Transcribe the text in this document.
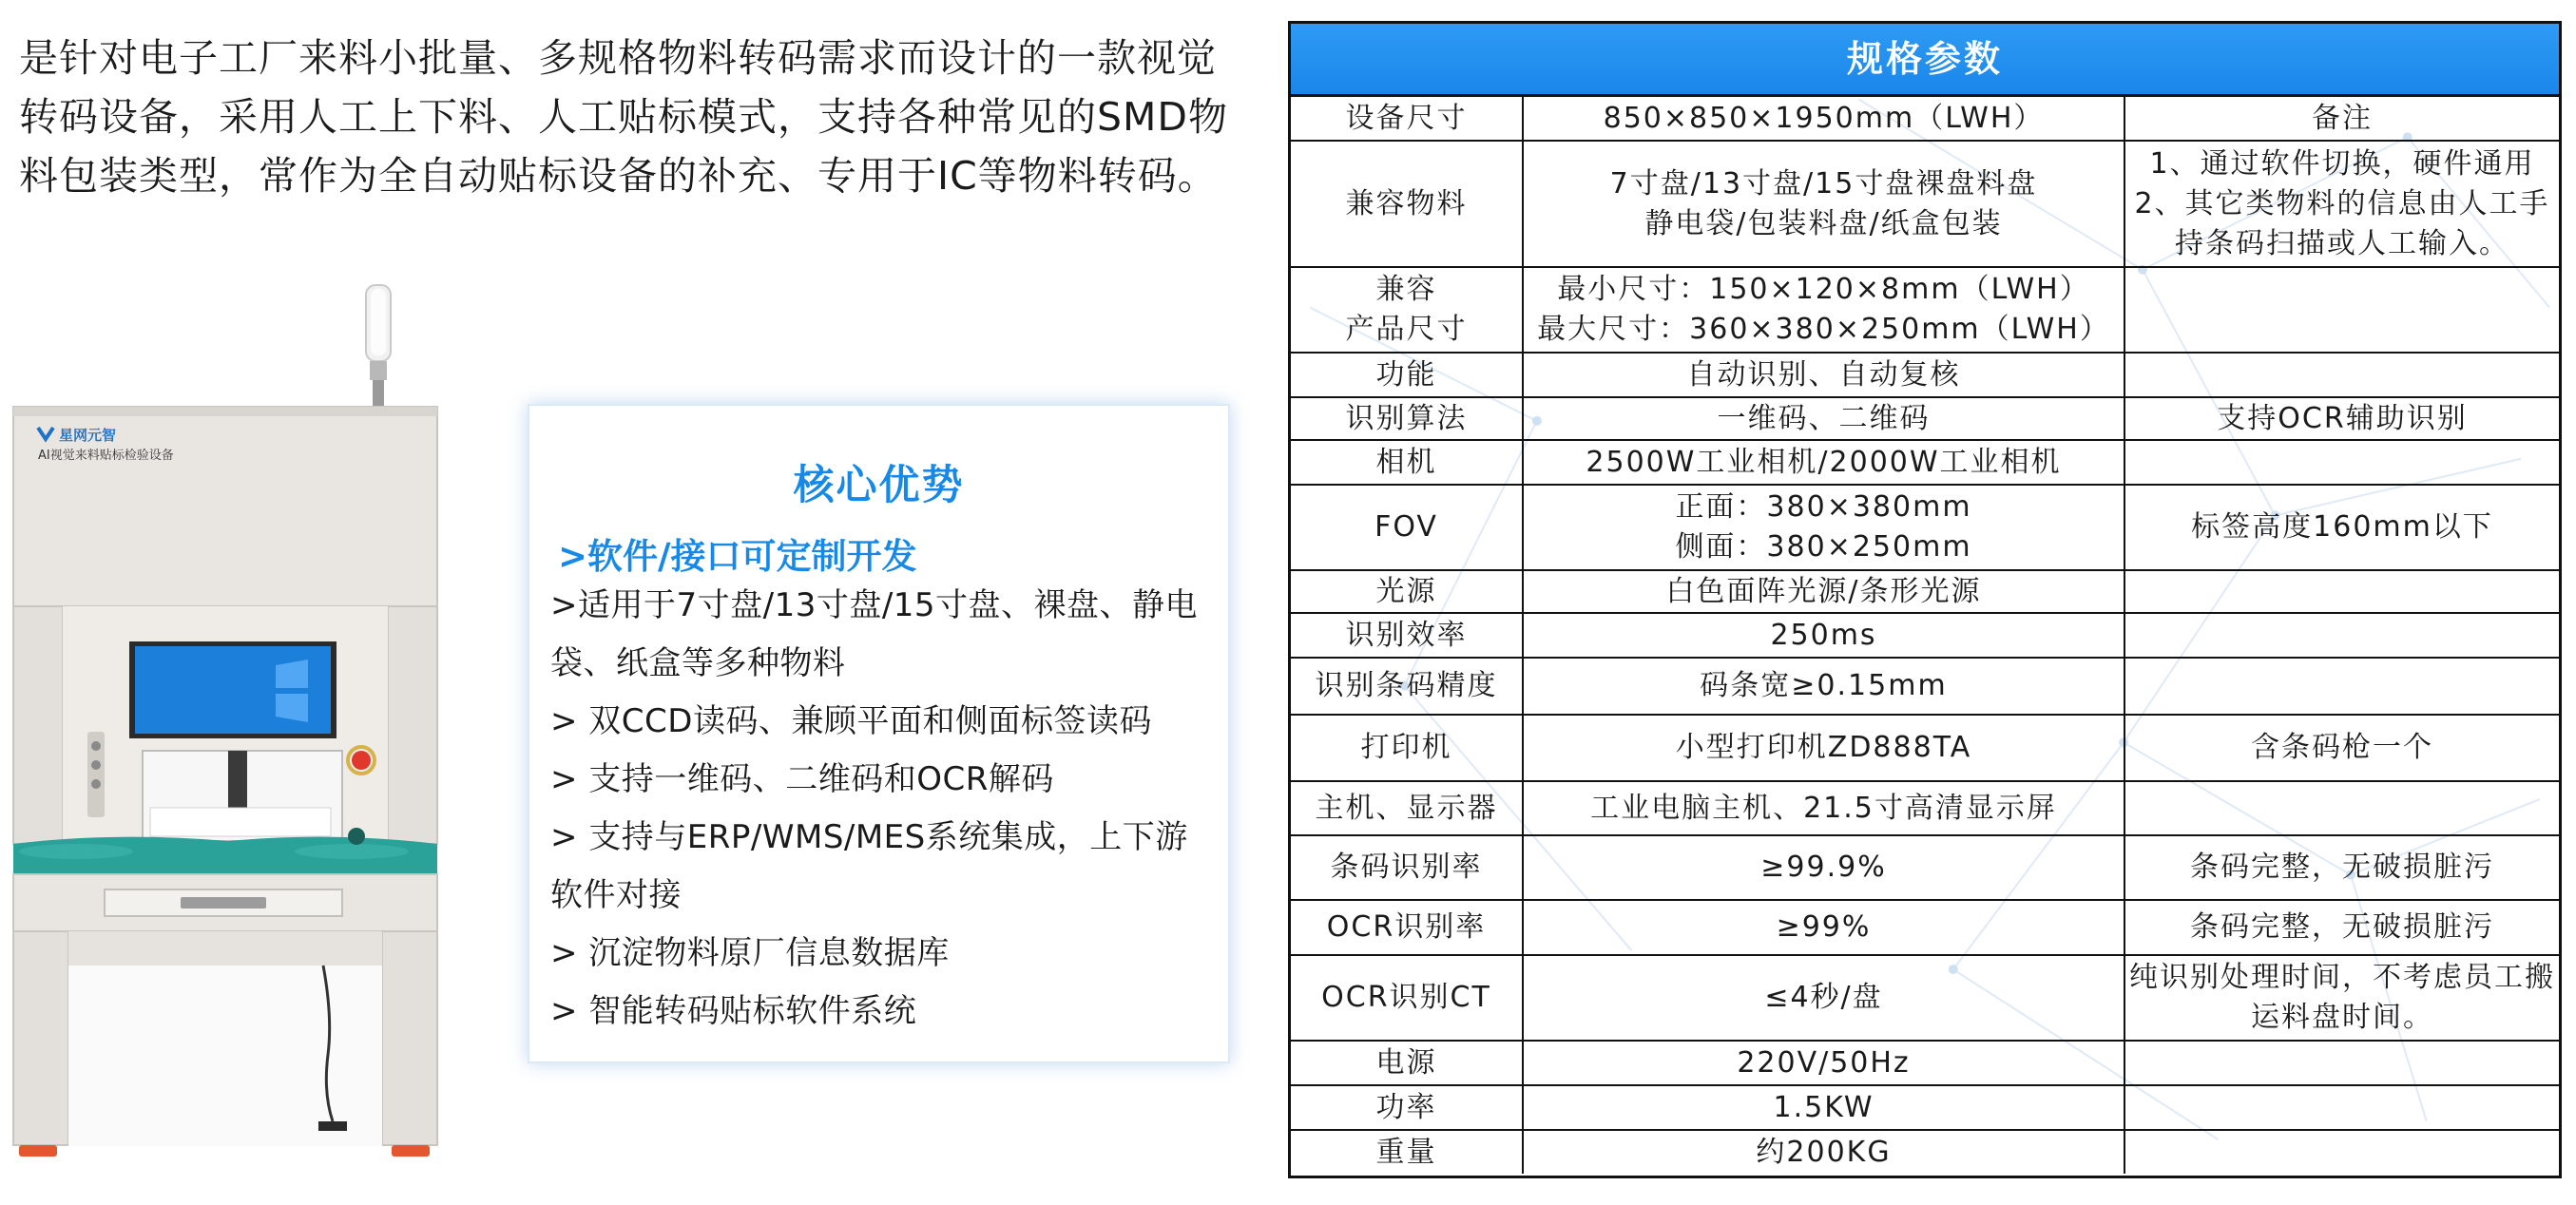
是针对电子工厂来料小批量、多规格物料转码需求而设计的一款视觉转码设备，采用人工上下料、人工贴标模式，支持各种常见的SMD物料包装类型，常作为全自动贴标设备的补充、专用于IC等物料转码。
星网元智
AI视觉来料贴标检验设备
核心优势
>软件/接口可定制开发
>适用于7寸盘/13寸盘/15寸盘、裸盘、静电袋、纸盒等多种物料
> 双CCD读码、兼顾平面和侧面标签读码
> 支持一维码、二维码和OCR解码
> 支持与ERP/WMS/MES系统集成，上下游软件对接
> 沉淀物料原厂信息数据库
> 智能转码贴标软件系统
规格参数
设备尺寸	850×850×1950mm（LWH）	备注
兼容物料	7寸盘/13寸盘/15寸盘裸盘料盘
静电袋/包装料盘/纸盒包装	1、通过软件切换，硬件通用
2、其它类物料的信息由人工手持条码扫描或人工输入。
兼容
产品尺寸	最小尺寸：150×120×8mm（LWH）
最大尺寸：360×380×250mm（LWH）	
功能	自动识别、自动复核	
识别算法	一维码、二维码	支持OCR辅助识别
相机	2500W工业相机/2000W工业相机	
FOV	正面：380×380mm
侧面：380×250mm	标签高度160mm以下
光源	白色面阵光源/条形光源	
识别效率	250ms	
识别条码精度	码条宽≥0.15mm	
打印机	小型打印机ZD888TA	含条码枪一个
主机、显示器	工业电脑主机、21.5寸高清显示屏	
条码识别率	≥99.9%	条码完整，无破损脏污
OCR识别率	≥99%	条码完整，无破损脏污
OCR识别CT	≤4秒/盘	纯识别处理时间，不考虑员工搬运料盘时间。
电源	220V/50Hz	
功率	1.5KW	
重量	约200KG	
